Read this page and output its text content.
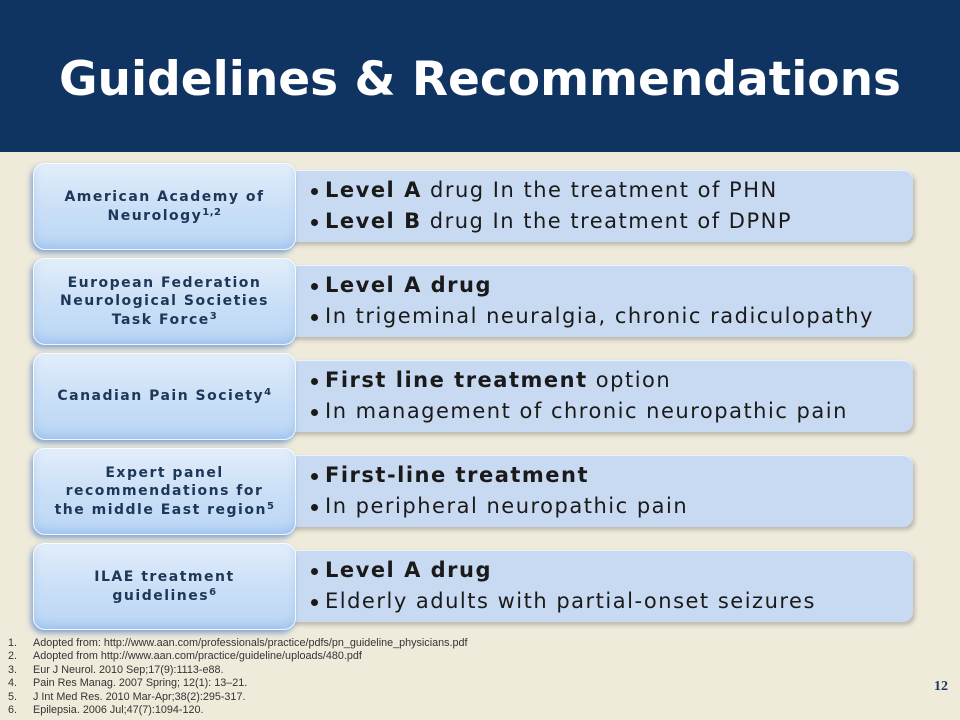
Guidelines & Recommendations
American Academy of
Neurology$^{1,2}$
Level A drug In the treatment of PHN
Level B drug In the treatment of DPNP
European Federation
Neurological Societies
Task Force$^3$
Level A drug
In trigeminal neuralgia, chronic radiculopathy
Canadian Pain Society$^4$
First line treatment option
In management of chronic neuropathic pain
Expert panel
recommendations for
the middle East region$^5$
First-line treatment
In peripheral neuropathic pain
ILAE treatment
guidelines$^6$
Level A drug
Elderly adults with partial-onset seizures
1. Adopted from: http://www.aan.com/professionals/practice/pdfs/pn_guideline_physicians.pdf
2. Adopted from http://www.aan.com/practice/guideline/uploads/480.pdf
3. Eur J Neurol. 2010 Sep;17(9):1113-e88.
4. Pain Res Manag. 2007 Spring; 12(1): 13–21.
5. J Int Med Res. 2010 Mar-Apr;38(2):295-317.
6. Epilepsia. 2006 Jul;47(7):1094-120.
12
